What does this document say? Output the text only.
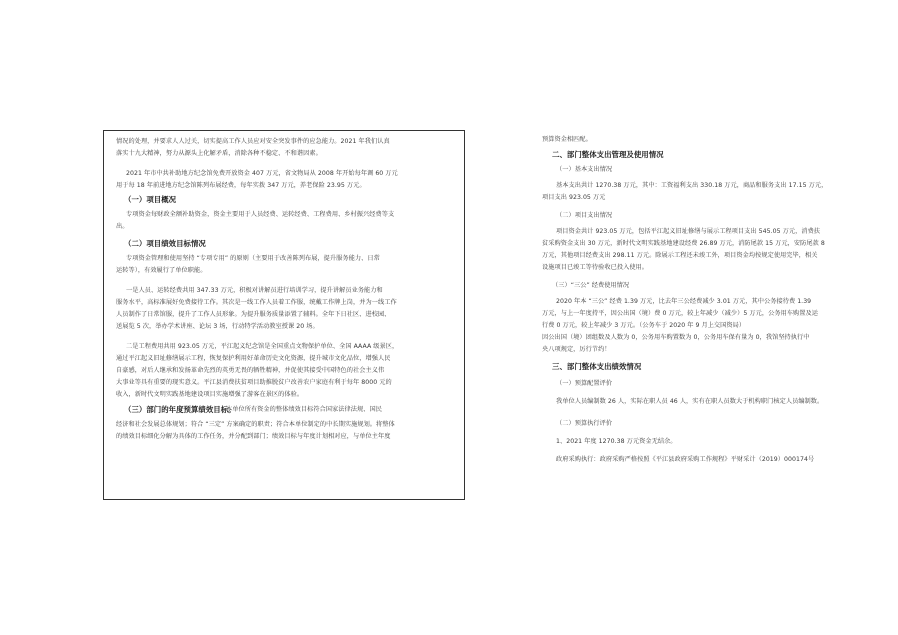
情况的处理，并要求人人过关，切实提高工作人员应对安全突发事件的应急能力。2021 年我们认真
落实十九大精神，努力从源头上化解矛盾，消除各种不稳定、不和谐因素。
2021 年市中共补助地方纪念馆免费开放资金 407 万元，省文物局从 2008 年开始每年调 60 万元
用于每 18 年前进地方纪念馆陈列布展经费，每年实拨 347 万元，养老保险 23.95 万元。
（一）项目概况
专项资金每财政全额补助资金，资金主要用于人员经费、运转经费、工程费用、乡村振兴经费等支
出。
（二）项目绩效目标情况
专项资金管理和使用坚持 “专项专用” 的原则（主要用于改善陈列布展，提升服务能力、日常
运转等），有效履行了单位职能。
一是人员、运转经费共用 347.33 万元，积极对讲解员进行培训学习，提升讲解员业务能力和
服务水平，高标准展好免费接待工作。其次是一线工作人员着工作服，统戴工作牌上岗，并为一线工作
人员制作了日常馆服，提升了工作人员形象。为提升服务质量添置了辅料。全年下日社区、进校园、
送展览 5 次，举办学术讲座、论坛 3 场，行动特学活动教室授课 20 场。
二是工程费用共用 923.05 万元，平江起义纪念馆是全国重点文物保护单位、全国 AAAA 级景区，
通过平江起义旧址修缮展示工程，恢复保护利用好革命历史文化资源，提升城市文化品位，增强人民
自豪感，对后人继承和发扬革命先烈的英勇无畏的牺牲精神，并促使其接受中国特色的社会主义伟
大事业等具有重要的现实意义。平江县消费扶贫项目助推脱贫户改善农户家庭有利于每年 8000 元的
收入，新时代文明实践基地建设项目实施增强了游客在景区的体验。
（三）部门的年度预算绩效目标。
本单位所有资金的整体绩效目标符合国家法律法规、国民
经济和社会发展总体规划；符合 “三定” 方案确定的职责；符合本单位制定的中长期实施规划。将整体
的绩效目标细化分解为具体的工作任务，并分配到部门；绩效目标与年度计划相对应，与单位主年度
预算资金相匹配。
二、部门整体支出管理及使用情况
（一）基本支出情况
基本支出共计 1270.38 万元，其中：工资福利支出 330.18 万元，商品和服务支出 17.15 万元，
项目支出 923.05 万元
（二）项目支出情况
项目资金共计 923.05 万元，包括平江起义旧址修缮与展示工程项目支出 545.05 万元，消费扶
贫采购资金支出 30 万元，新时代文明实践基地建设经费 26.89 万元，消防尾款 15 万元，安防尾款 8
万元，其他项目经费支出 298.11 万元。除展示工程还未竣工外，项目资金均按规定使用完毕，相关
设施项目已竣工等待验收已投入使用。
（三）“三公” 经费使用情况
2020 年本 “三公” 经费 1.39 万元，比去年三公经费减少 3.01 万元，其中公务接待费 1.39
万元，与上一年度持平，因公出国（境）费 0 万元，较上年减少（减少）5 万元，公务用车购置及运
行费 0 万元，较上年减少 3 万元。（公务车于 2020 年 9 月上交国资局）
因公出国（境）团组数及人数为 0，公务用车购置数为 0，公务用车保有量为 0，我馆坚持执行中
央八项规定，厉行节约！
三、部门整体支出绩效情况
（一）预算配置评价
我单位人员编制数 26 人，实际在职人员 46 人，实有在职人员数大于机构职门核定人员编制数。
（二）预算执行评价
1、2021 年度 1270.38 万元资金无结余。
政府采购执行：政府采购严格按照《平江县政府采购工作规程》平财采计（2019）000174号
